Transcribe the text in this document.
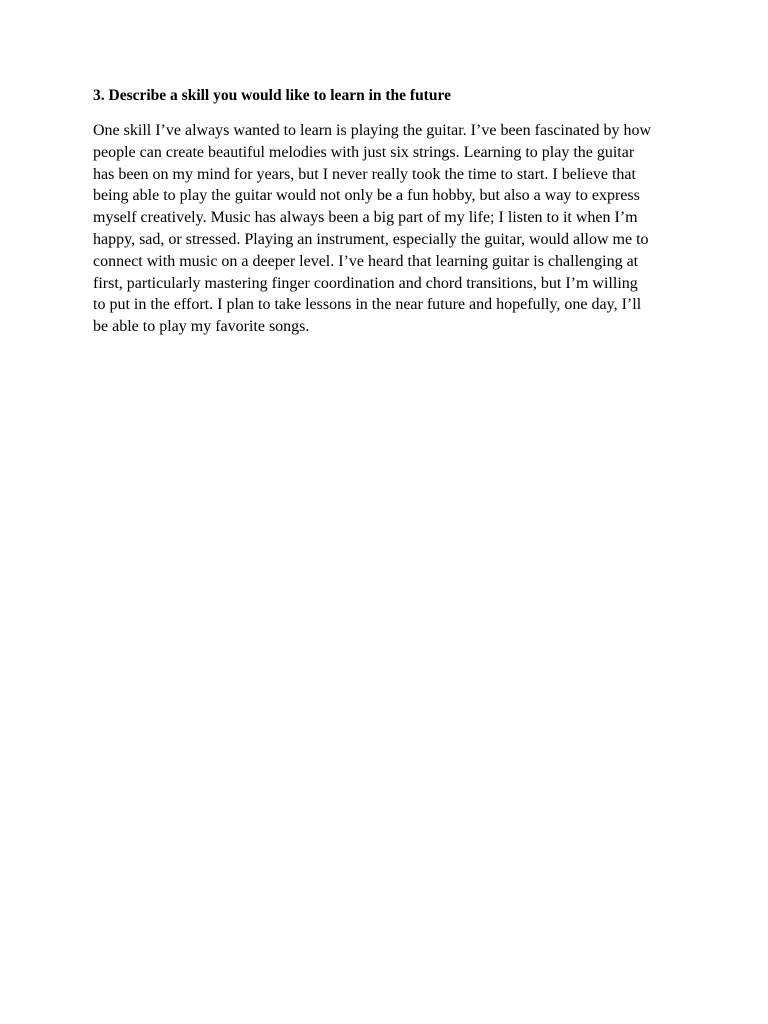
3. Describe a skill you would like to learn in the future

One skill I’ve always wanted to learn is playing the guitar. I’ve been fascinated by how
people can create beautiful melodies with just six strings. Learning to play the guitar
has been on my mind for years, but I never really took the time to start. I believe that
being able to play the guitar would not only be a fun hobby, but also a way to express
myself creatively. Music has always been a big part of my life; I listen to it when I’m
happy, sad, or stressed. Playing an instrument, especially the guitar, would allow me to
connect with music on a deeper level. I’ve heard that learning guitar is challenging at
first, particularly mastering finger coordination and chord transitions, but I’m willing
to put in the effort. I plan to take lessons in the near future and hopefully, one day, I’ll
be able to play my favorite songs.
